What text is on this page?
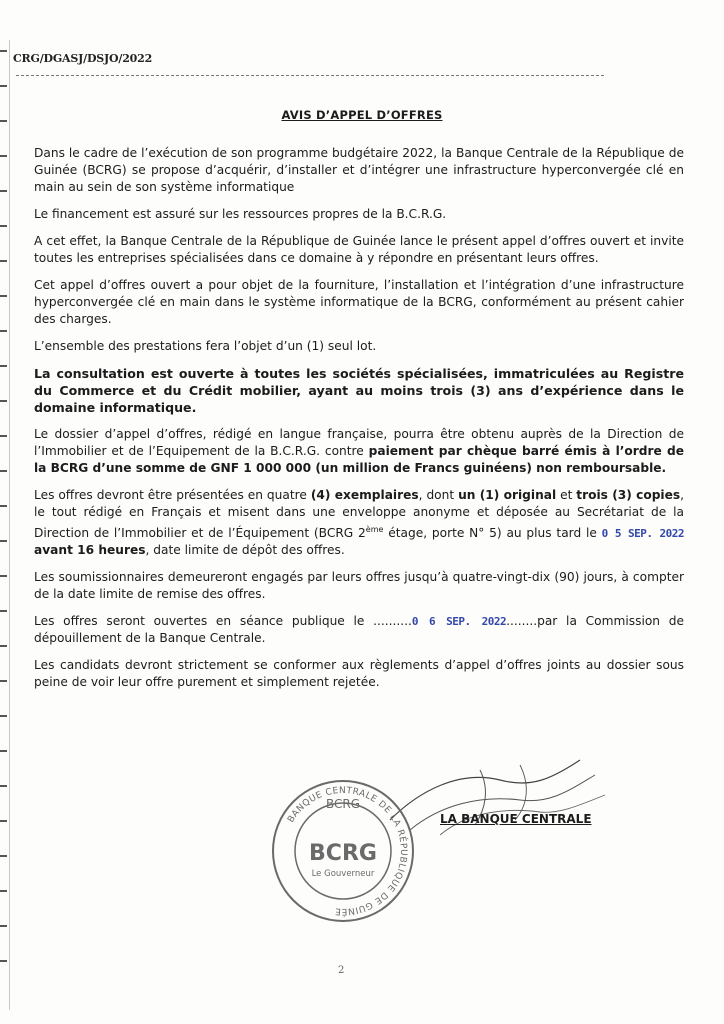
CRG/DGASJ/DSJO/2022
AVIS D’APPEL D’OFFRES

Dans le cadre de l’exécution de son programme budgétaire 2022, la Banque Centrale de la République de Guinée (BCRG) se propose d’acquérir, d’installer et d’intégrer une infrastructure hyperconvergée clé en main au sein de son système informatique

Le financement est assuré sur les ressources propres de la B.C.R.G.

A cet effet, la Banque Centrale de la République de Guinée lance le présent appel d’offres ouvert et invite toutes les entreprises spécialisées dans ce domaine à y répondre en présentant leurs offres.

Cet appel d’offres ouvert a pour objet de la fourniture, l’installation et l’intégration d’une infrastructure hyperconvergée clé en main dans le système informatique de la BCRG, conformément au présent cahier des charges.

L’ensemble des prestations fera l’objet d’un (1) seul lot.

La consultation est ouverte à toutes les sociétés spécialisées, immatriculées au Registre du Commerce et du Crédit mobilier, ayant au moins trois (3) ans d’expérience dans le domaine informatique.

Le dossier d’appel d’offres, rédigé en langue française, pourra être obtenu auprès de la Direction de l’Immobilier et de l’Equipement de la B.C.R.G. contre paiement par chèque barré émis à l’ordre de la BCRG d’une somme de GNF 1 000 000 (un million de Francs guinéens) non remboursable.

Les offres devront être présentées en quatre (4) exemplaires, dont un (1) original et trois (3) copies, le tout rédigé en Français et misent dans une enveloppe anonyme et déposée au Secrétariat de la Direction de l’Immobilier et de l’Équipement (BCRG 2ème étage, porte N° 5) au plus tard le 0 5 SEP. 2022 avant 16 heures, date limite de dépôt des offres.

Les soumissionnaires demeureront engagés par leurs offres jusqu’à quatre-vingt-dix (90) jours, à compter de la date limite de remise des offres.

Les offres seront ouvertes en séance publique le ..........0 6 SEP. 2022........par la Commission de dépouillement de la Banque Centrale.

Les candidats devront strictement se conformer aux règlements d’appel d’offres joints au dossier sous peine de voir leur offre purement et simplement rejetée.

LA BANQUE CENTRALE
BANQUE CENTRALE DE LA RÉPUBLIQUE DE GUINÉE
BCRG
BCRG
Le Gouverneur
2
